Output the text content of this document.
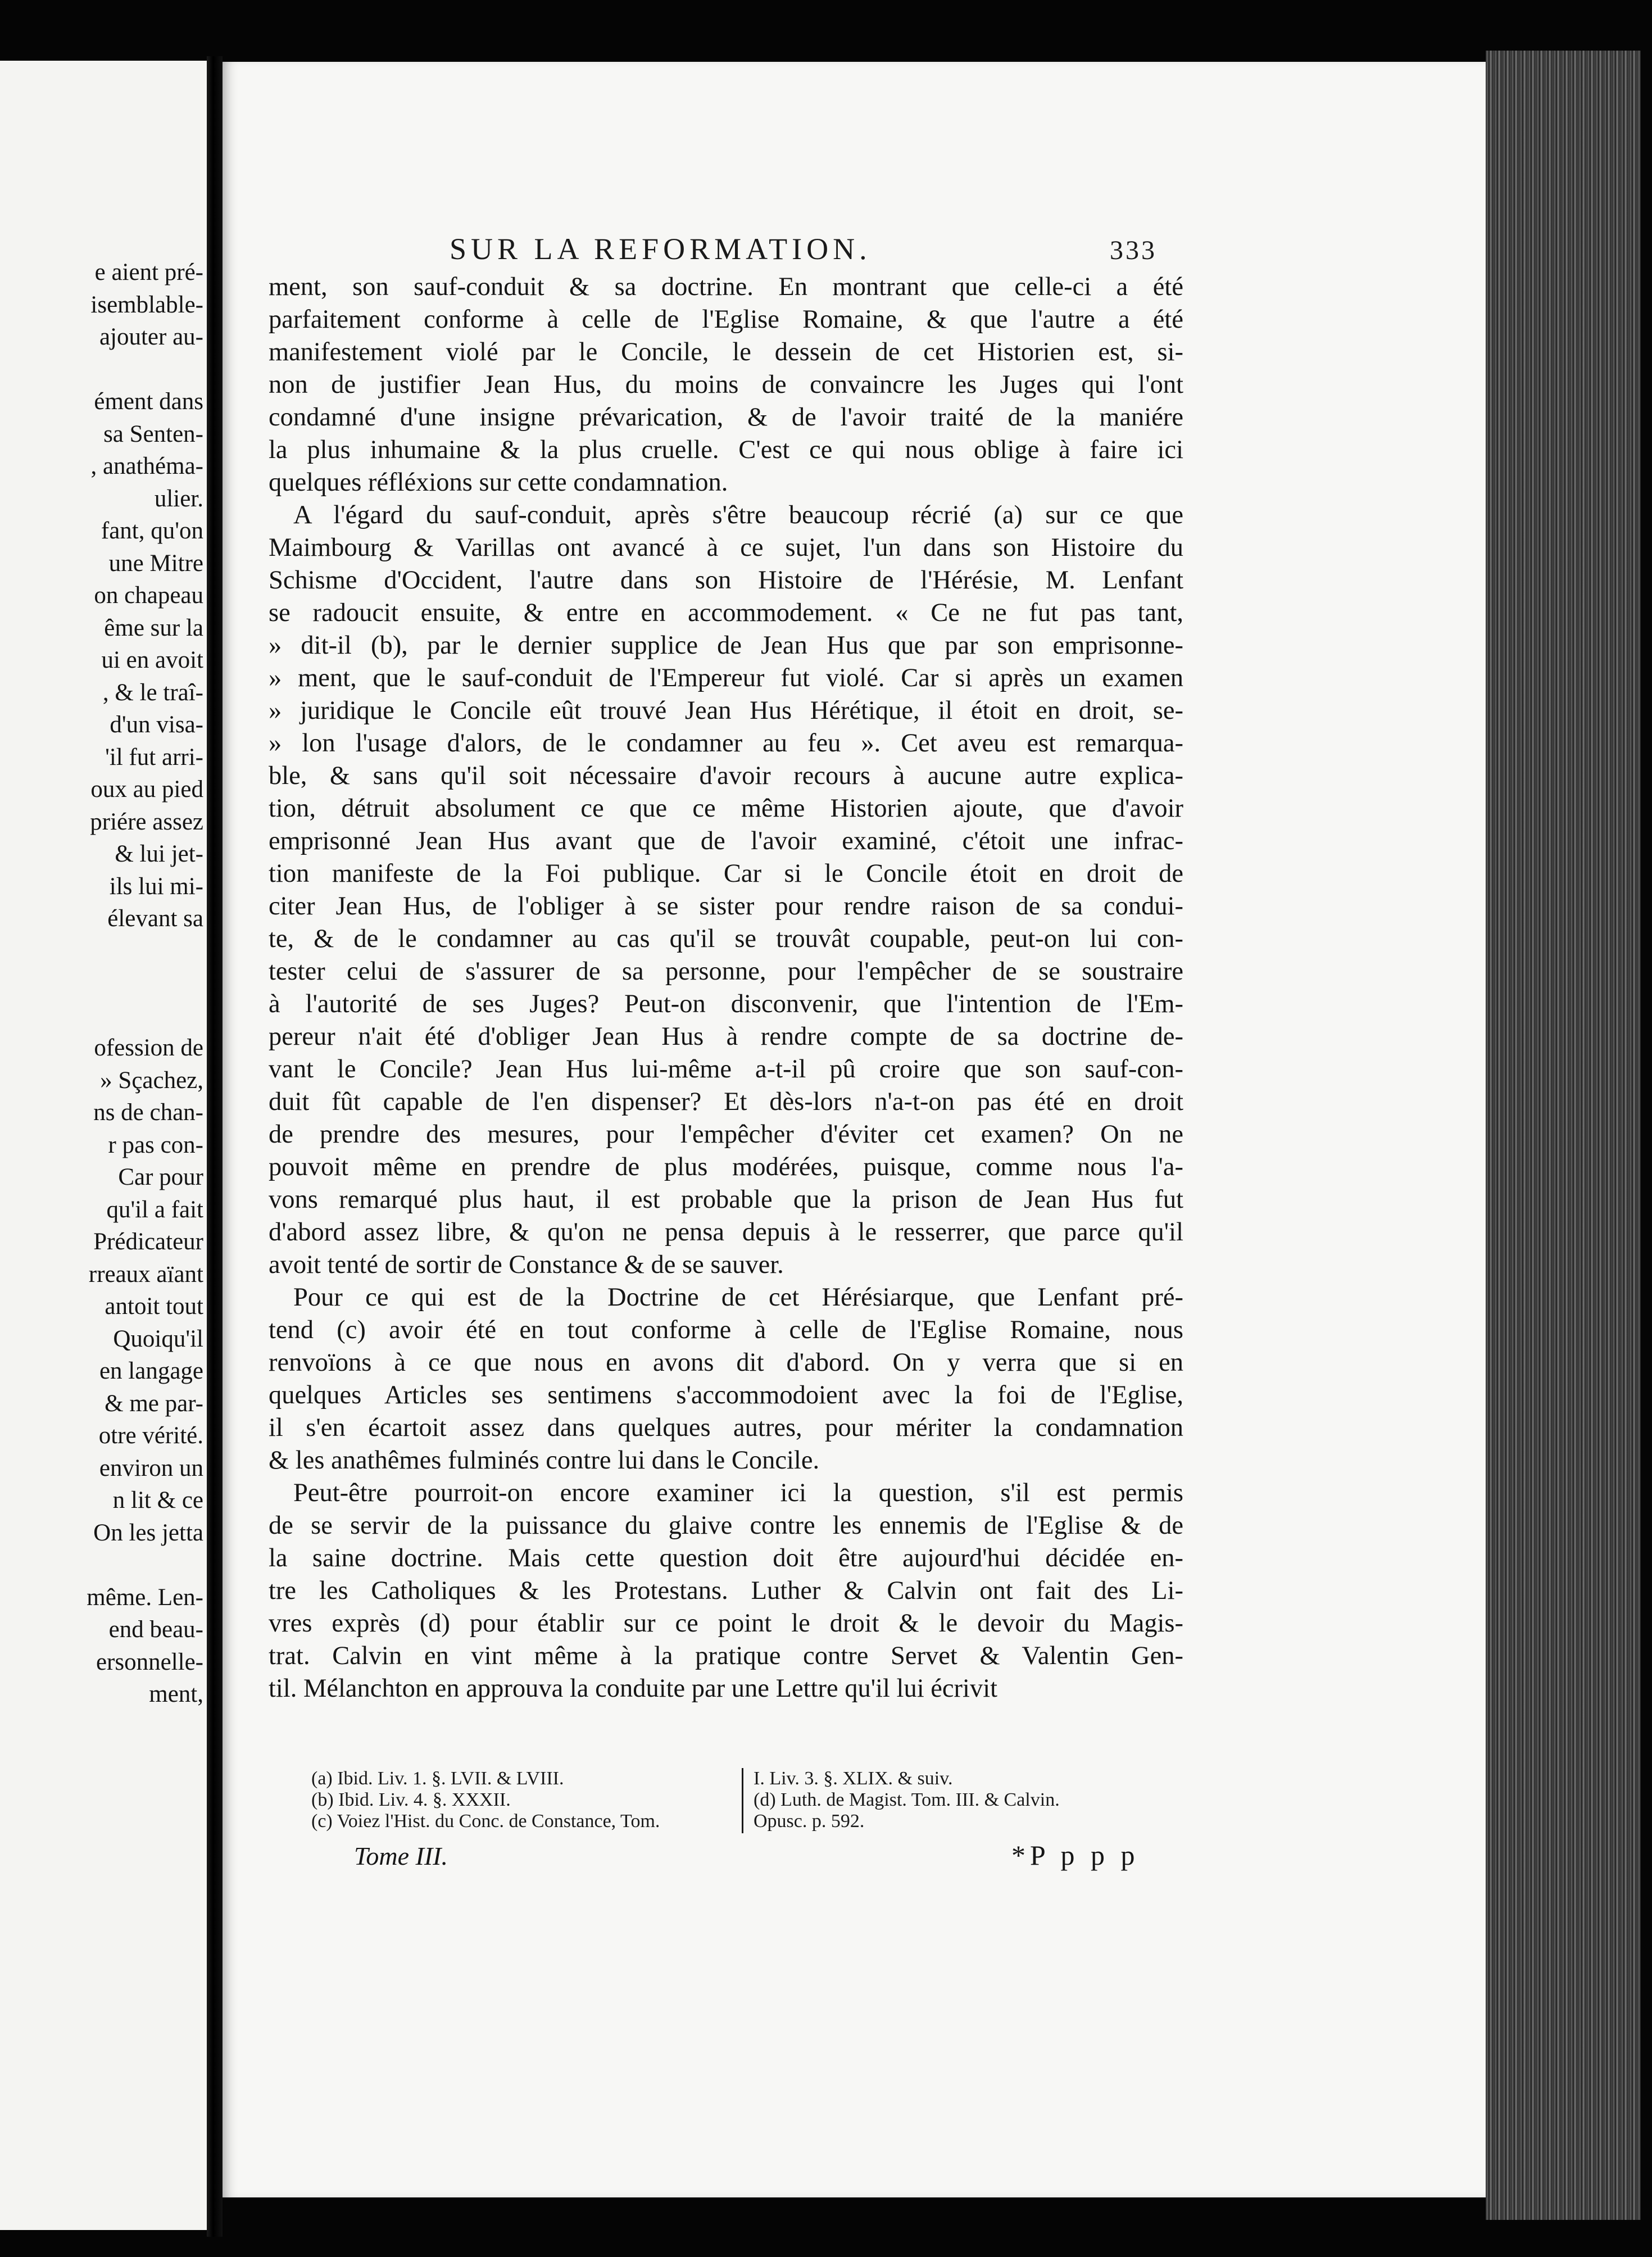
e aient pré-
isemblable-
ajouter au-
ément dans
sa Senten-
, anathéma-
ulier.
fant, qu'on
une Mitre
on chapeau
ême sur la
ui en avoit
, & le traî-
d'un visa-
'il fut arri-
oux au pied
priére assez
& lui jet-
ils lui mi-
élevant sa
ofession de
» Sçachez,
ns de chan-
r pas con-
Car pour
qu'il a fait
Prédicateur
rreaux aïant
antoit tout
Quoiqu'il
en langage
& me par-
otre vérité.
environ un
n lit & ce
On les jetta
même. Len-
end beau-
ersonnelle-
ment,
SUR LA REFORMATION.	333

ment, son sauf-conduit & sa doctrine. En montrant que celle-ci a été
parfaitement conforme à celle de l'Eglise Romaine, & que l'autre a été
manifestement violé par le Concile, le dessein de cet Historien est, si-
non de justifier Jean Hus, du moins de convaincre les Juges qui l'ont
condamné d'une insigne prévarication, & de l'avoir traité de la maniére
la plus inhumaine & la plus cruelle. C'est ce qui nous oblige à faire ici
quelques réfléxions sur cette condamnation.

A l'égard du sauf-conduit, après s'être beaucoup récrié (a) sur ce que
Maimbourg & Varillas ont avancé à ce sujet, l'un dans son Histoire du
Schisme d'Occident, l'autre dans son Histoire de l'Hérésie, M. Lenfant
se radoucit ensuite, & entre en accommodement. « Ce ne fut pas tant,
» dit-il (b), par le dernier supplice de Jean Hus que par son emprisonne-
» ment, que le sauf-conduit de l'Empereur fut violé. Car si après un examen
» juridique le Concile eût trouvé Jean Hus Hérétique, il étoit en droit, se-
» lon l'usage d'alors, de le condamner au feu ». Cet aveu est remarqua-
ble, & sans qu'il soit nécessaire d'avoir recours à aucune autre explica-
tion, détruit absolument ce que ce même Historien ajoute, que d'avoir
emprisonné Jean Hus avant que de l'avoir examiné, c'étoit une infrac-
tion manifeste de la Foi publique. Car si le Concile étoit en droit de
citer Jean Hus, de l'obliger à se sister pour rendre raison de sa condui-
te, & de le condamner au cas qu'il se trouvât coupable, peut-on lui con-
tester celui de s'assurer de sa personne, pour l'empêcher de se soustraire
à l'autorité de ses Juges? Peut-on disconvenir, que l'intention de l'Em-
pereur n'ait été d'obliger Jean Hus à rendre compte de sa doctrine de-
vant le Concile? Jean Hus lui-même a-t-il pû croire que son sauf-con-
duit fût capable de l'en dispenser? Et dès-lors n'a-t-on pas été en droit
de prendre des mesures, pour l'empêcher d'éviter cet examen? On ne
pouvoit même en prendre de plus modérées, puisque, comme nous l'a-
vons remarqué plus haut, il est probable que la prison de Jean Hus fut
d'abord assez libre, & qu'on ne pensa depuis à le resserrer, que parce qu'il
avoit tenté de sortir de Constance & de se sauver.

Pour ce qui est de la Doctrine de cet Hérésiarque, que Lenfant pré-
tend (c) avoir été en tout conforme à celle de l'Eglise Romaine, nous
renvoïons à ce que nous en avons dit d'abord. On y verra que si en
quelques Articles ses sentimens s'accommodoient avec la foi de l'Eglise,
il s'en écartoit assez dans quelques autres, pour mériter la condamnation
& les anathêmes fulminés contre lui dans le Concile.

Peut-être pourroit-on encore examiner ici la question, s'il est permis
de se servir de la puissance du glaive contre les ennemis de l'Eglise & de
la saine doctrine. Mais cette question doit être aujourd'hui décidée en-
tre les Catholiques & les Protestans. Luther & Calvin ont fait des Li-
vres exprès (d) pour établir sur ce point le droit & le devoir du Magis-
trat. Calvin en vint même à la pratique contre Servet & Valentin Gen-
til. Mélanchton en approuva la conduite par une Lettre qu'il lui écrivit

(a) Ibid. Liv. 1. §. LVII. & LVIII.
(b) Ibid. Liv. 4. §. XXXII.
(c) Voiez l'Hist. du Conc. de Constance, Tom.
I. Liv. 3. §. XLIX. & suiv.
(d) Luth. de Magist. Tom. III. & Calvin.
Opusc. p. 592.
Tome III.	*P p p p
